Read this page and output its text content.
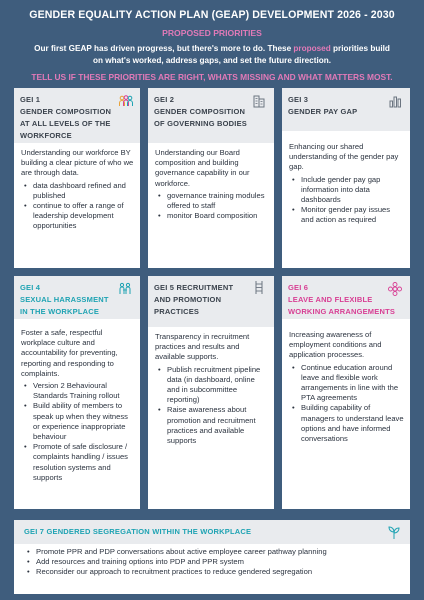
GENDER EQUALITY ACTION PLAN (GEAP) DEVELOPMENT 2026 - 2030
PROPOSED PRIORITIES
Our first GEAP has driven progress, but there's more to do. These proposed priorities build
on what's worked, address gaps, and set the future direction.
TELL US IF THESE PRIORITIES ARE RIGHT, WHATS MISSING AND WHAT MATTERS MOST.
GEI 1
GENDER COMPOSITION
AT ALL LEVELS OF THE
WORKFORCE

Understanding our workforce BY building a clear picture of who we are through data.

• data dashboard refined and published
• continue to offer a range of leadership development opportunities
GEI 2
GENDER COMPOSITION
OF GOVERNING BODIES

Understanding our Board composition and building governance capability in our workforce.

• governance training modules offered to staff
• monitor Board composition
GEI 3
GENDER PAY GAP

Enhancing our shared understanding of the gender pay gap.

• Include gender pay gap information into data dashboards
• Monitor gender pay issues and action as required
GEI 4
SEXUAL HARASSMENT
IN THE WORKPLACE

Foster a safe, respectful workplace culture and accountability for preventing, reporting and responding to complaints.

• Version 2 Behavioural Standards Training rollout
• Build ability of members to speak up when they witness or experience inappropriate behaviour
• Promote of safe disclosure / complaints handling / issues resolution systems and supports
GEI 5 RECRUITMENT
AND PROMOTION
PRACTICES

Transparency in recruitment practices and results and available supports.

• Publish recruitment pipeline data (in dashboard, online and in subcommittee reporting)
• Raise awareness about promotion and recruitment practices and available supports
GEI 6
LEAVE AND FLEXIBLE
WORKING ARRANGEMENTS

Increasing awareness of employment conditions and application processes.

• Continue education around leave and flexible work arrangements in line with the PTA agreements
• Building capability of managers to understand leave options and have informed conversations
GEI 7 GENDERED SEGREGATION WITHIN THE WORKPLACE
• Promote PPR and PDP conversations about active employee career pathway planning
• Add resources and training options into PDP and PPR system
• Reconsider our approach to recruitment practices to reduce gendered segregation
